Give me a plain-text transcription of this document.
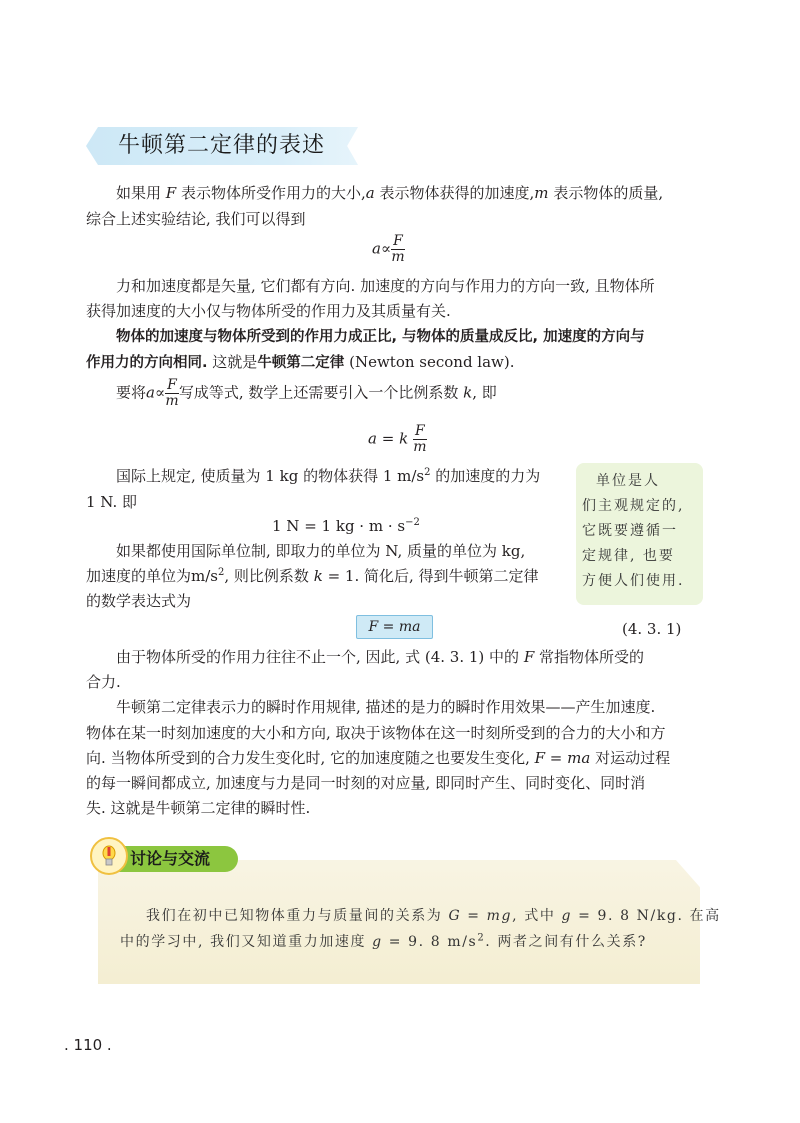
牛顿第二定律的表述
如果用 F 表示物体所受作用力的大小,a 表示物体获得的加速度,m 表示物体的质量,
综合上述实验结论, 我们可以得到
$a\propto \frac{F}{m}$
力和加速度都是矢量, 它们都有方向. 加速度的方向与作用力的方向一致, 且物体所
获得加速度的大小仅与物体所受的作用力及其质量有关.
物体的加速度与物体所受到的作用力成正比, 与物体的质量成反比, 加速度的方向与
作用力的方向相同. 这就是牛顿第二定律 (Newton second law).
要将$a\propto \frac{F}{m}$ 写成等式, 数学上还需要引入一个比例系数 k, 即
a = k $\frac{F}{m}$
国际上规定, 使质量为 1 kg 的物体获得 1 $m/s^2$ 的加速度的力为
1 N. 即
1 N = 1 kg · $m \cdot s^{-2}$
如果都使用国际单位制, 即取力的单位为 N, 质量的单位为 kg,
加速度的单位为$m/s^2$, 则比例系数 k = 1. 简化后, 得到牛顿第二定律
的数学表达式为
单位是人
们主观规定的,
它既要遵循一
定规律, 也要
方便人们使用.
F = ma	(4. 3. 1)
由于物体所受的作用力往往不止一个, 因此, 式 (4. 3. 1) 中的 F 常指物体所受的
合力.
牛顿第二定律表示力的瞬时作用规律, 描述的是力的瞬时作用效果——产生加速度.
物体在某一时刻加速度的大小和方向, 取决于该物体在这一时刻所受到的合力的大小和方
向. 当物体所受到的合力发生变化时, 它的加速度随之也要发生变化, F = ma 对运动过程
的每一瞬间都成立, 加速度与力是同一时刻的对应量, 即同时产生、同时变化、同时消
失. 这就是牛顿第二定律的瞬时性.
讨论与交流
我们在初中已知物体重力与质量间的关系为 G = mg, 式中 g = 9. 8 N/kg. 在高
中的学习中, 我们又知道重力加速度 g = 9. 8 $m/s^2$. 两者之间有什么关系?
. 110 .
